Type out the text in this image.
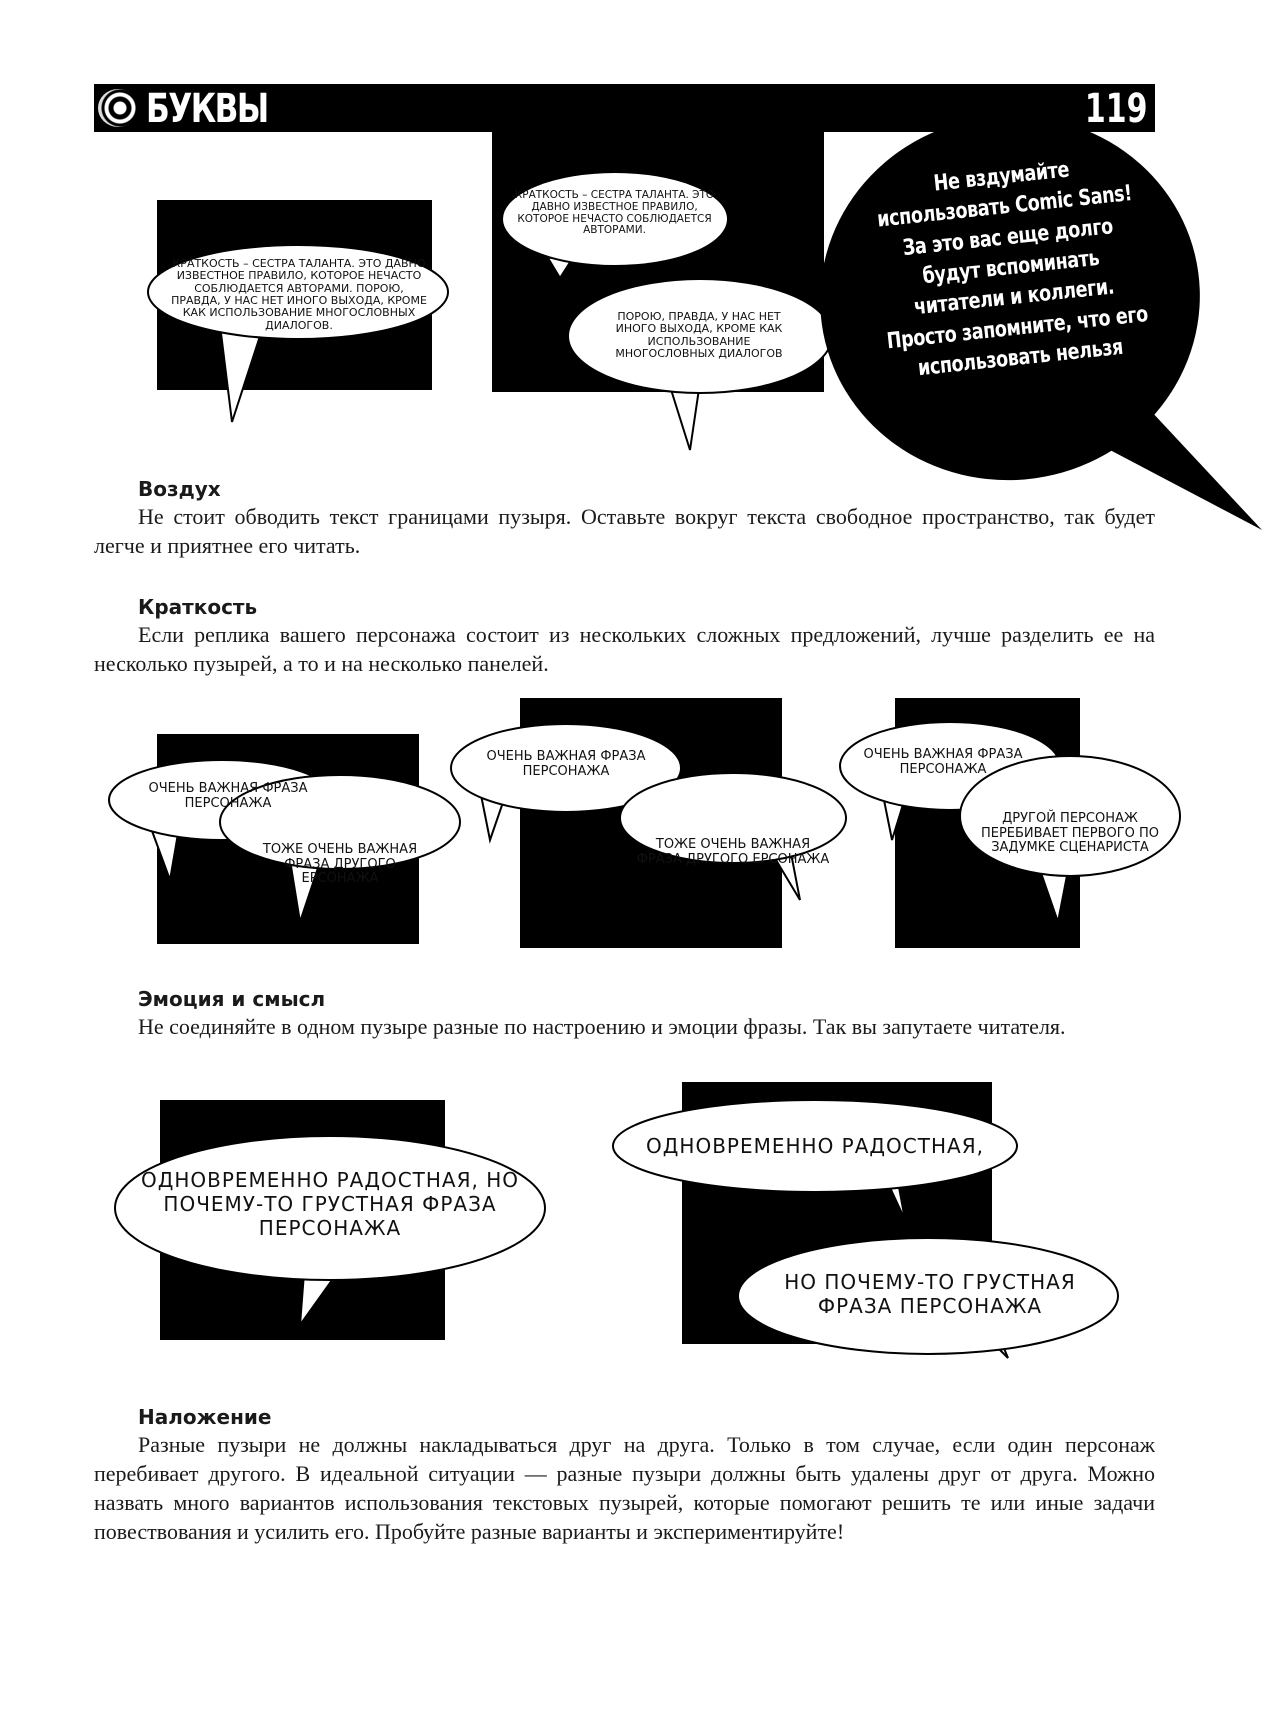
БУКВЫ	119
КРАТКОСТЬ – СЕСТРА ТАЛАНТА. ЭТО ДАВНО ИЗВЕСТНОЕ ПРАВИЛО, КОТОРОЕ НЕЧАСТО СОБЛЮДАЕТСЯ АВТОРАМИ. ПОРОЮ, ПРАВДА, У НАС НЕТ ИНОГО ВЫХОДА, КРОМЕ КАК ИСПОЛЬЗОВАНИЕ МНОГОСЛОВНЫХ ДИАЛОГОВ.
КРАТКОСТЬ – СЕСТРА ТАЛАНТА. ЭТО ДАВНО ИЗВЕСТНОЕ ПРАВИЛО, КОТОРОЕ НЕЧАСТО СОБЛЮДАЕТСЯ АВТОРАМИ.
ПОРОЮ, ПРАВДА, У НАС НЕТ ИНОГО ВЫХОДА, КРОМЕ КАК ИСПОЛЬЗОВАНИЕ МНОГОСЛОВНЫХ ДИАЛОГОВ
Не вздумайте использовать Comic Sans! За это вас еще долго будут вспоминать читатели и коллеги. Просто запомните, что его использовать нельзя
Воздух

Не стоит обводить текст границами пузыря. Оставьте вокруг текста свободное пространство, так будет легче и приятнее его читать.

Краткость

Если реплика вашего персонажа состоит из нескольких сложных предложений, лучше разделить ее на несколько пузырей, а то и на несколько панелей.

ОЧЕНЬ ВАЖНАЯ ФРАЗА ПЕРСОНАЖА
ТОЖЕ ОЧЕНЬ ВАЖНАЯ ФРАЗА ДРУГОГО ЕРСОНАЖА
ОЧЕНЬ ВАЖНАЯ ФРАЗА ПЕРСОНАЖА
ТОЖЕ ОЧЕНЬ ВАЖНАЯ ФРАЗА ДРУГОГО ЕРСОНАЖА
ОЧЕНЬ ВАЖНАЯ ФРАЗА ПЕРСОНАЖА
ДРУГОЙ ПЕРСОНАЖ ПЕРЕБИВАЕТ ПЕРВОГО ПО ЗАДУМКЕ СЦЕНАРИСТА
Эмоция и смысл

Не соединяйте в одном пузыре разные по настроению и эмоции фразы. Так вы запутаете читателя.

ОДНОВРЕМЕННО РАДОСТНАЯ, НО ПОЧЕМУ-ТО ГРУСТНАЯ ФРАЗА ПЕРСОНАЖА
ОДНОВРЕМЕННО РАДОСТНАЯ,
НО ПОЧЕМУ-ТО ГРУСТНАЯ ФРАЗА ПЕРСОНАЖА
Наложение

Разные пузыри не должны накладываться друг на друга. Только в том случае, если один персонаж перебивает другого. В идеальной ситуации — разные пузыри должны быть удалены друг от друга. Можно назвать много вариантов использования текстовых пузырей, которые помогают решить те или иные задачи повествования и усилить его. Пробуйте разные варианты и экспериментируйте!
